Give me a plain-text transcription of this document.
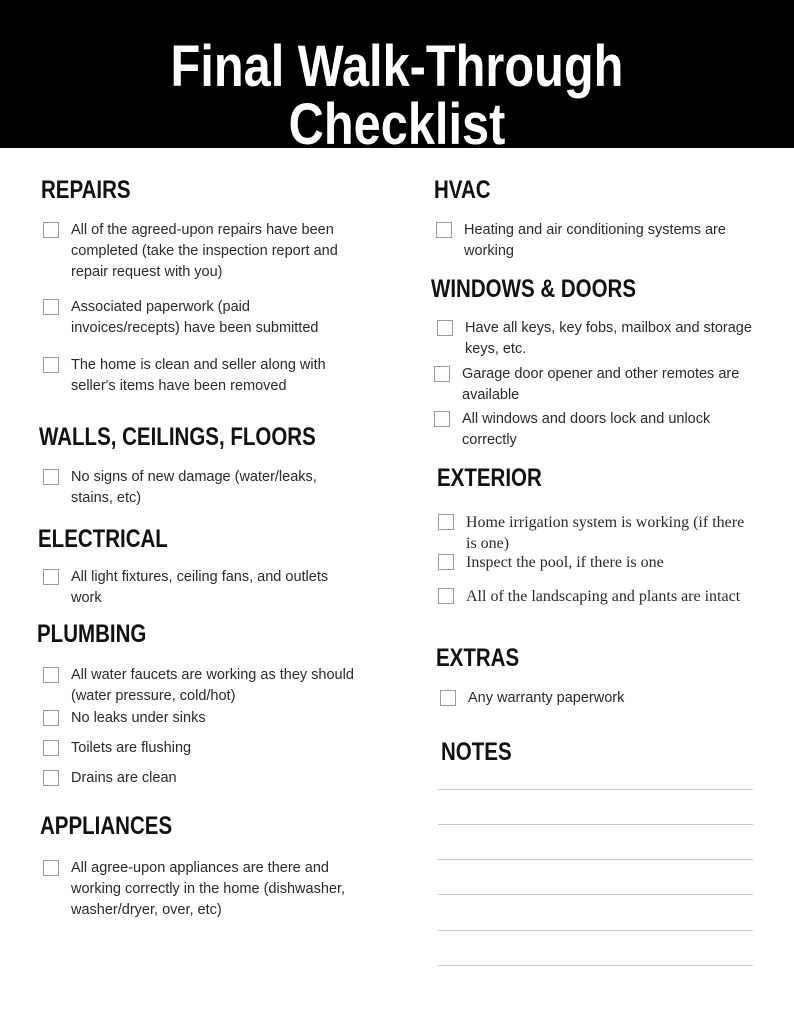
Final Walk-Through Checklist
REPAIRS
All of the agreed-upon repairs have been completed (take the inspection report and repair request with you)
Associated paperwork (paid invoices/recepts) have been submitted
The home is clean and seller along with seller's items have been removed
WALLS, CEILINGS, FLOORS
No signs of new damage (water/leaks, stains, etc)
ELECTRICAL
All light fixtures, ceiling fans, and outlets work
PLUMBING
All water faucets are working as they should (water pressure, cold/hot)
No leaks under sinks
Toilets are flushing
Drains are clean
APPLIANCES
All agree-upon appliances are there and working correctly in the home (dishwasher, washer/dryer, over, etc)
HVAC
Heating and air conditioning systems are working
WINDOWS & DOORS
Have all keys, key fobs, mailbox and storage keys, etc.
Garage door opener and other remotes are available
All windows and doors lock and unlock correctly
EXTERIOR
Home irrigation system is working (if there is one)
Inspect the pool, if there is one
All of the landscaping and plants are intact
EXTRAS
Any warranty paperwork
NOTES
